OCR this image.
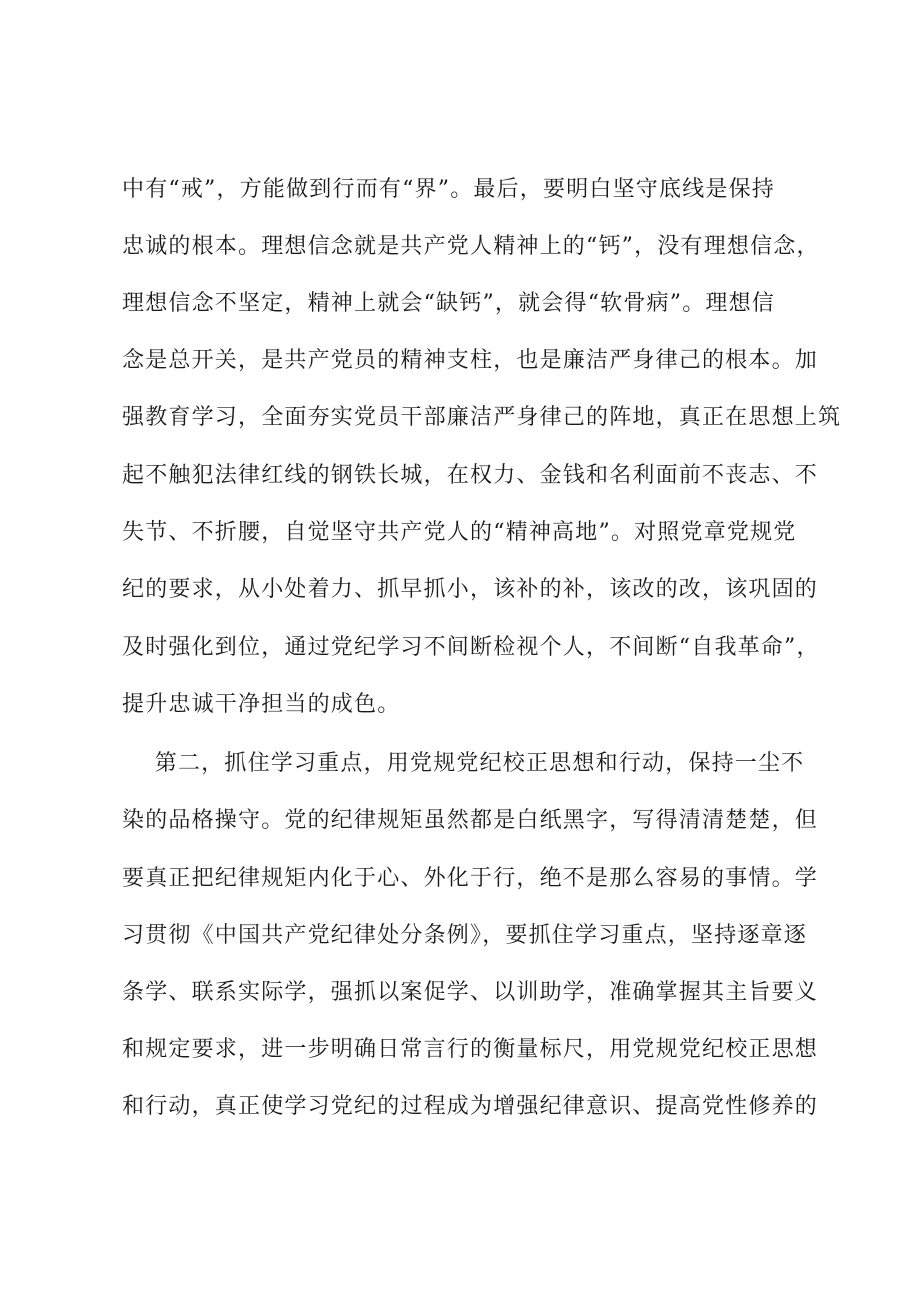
中有“戒”，方能做到行而有“界”。最后，要明白坚守底线是保持
忠诚的根本。理想信念就是共产党人精神上的“钙”，没有理想信念，
理想信念不坚定，精神上就会“缺钙”，就会得“软骨病”。理想信
念是总开关，是共产党员的精神支柱，也是廉洁严身律己的根本。加
强教育学习，全面夯实党员干部廉洁严身律己的阵地，真正在思想上筑
起不触犯法律红线的钢铁长城，在权力、金钱和名利面前不丧志、不
失节、不折腰，自觉坚守共产党人的“精神高地”。对照党章党规党
纪的要求，从小处着力、抓早抓小，该补的补，该改的改，该巩固的
及时强化到位，通过党纪学习不间断检视个人，不间断“自我革命”，
提升忠诚干净担当的成色。
第二，抓住学习重点，用党规党纪校正思想和行动，保持一尘不
染的品格操守。党的纪律规矩虽然都是白纸黑字，写得清清楚楚，但
要真正把纪律规矩内化于心、外化于行，绝不是那么容易的事情。学
习贯彻《中国共产党纪律处分条例》，要抓住学习重点，坚持逐章逐
条学、联系实际学，强抓以案促学、以训助学，准确掌握其主旨要义
和规定要求，进一步明确日常言行的衡量标尺，用党规党纪校正思想
和行动，真正使学习党纪的过程成为增强纪律意识、提高党性修养的
